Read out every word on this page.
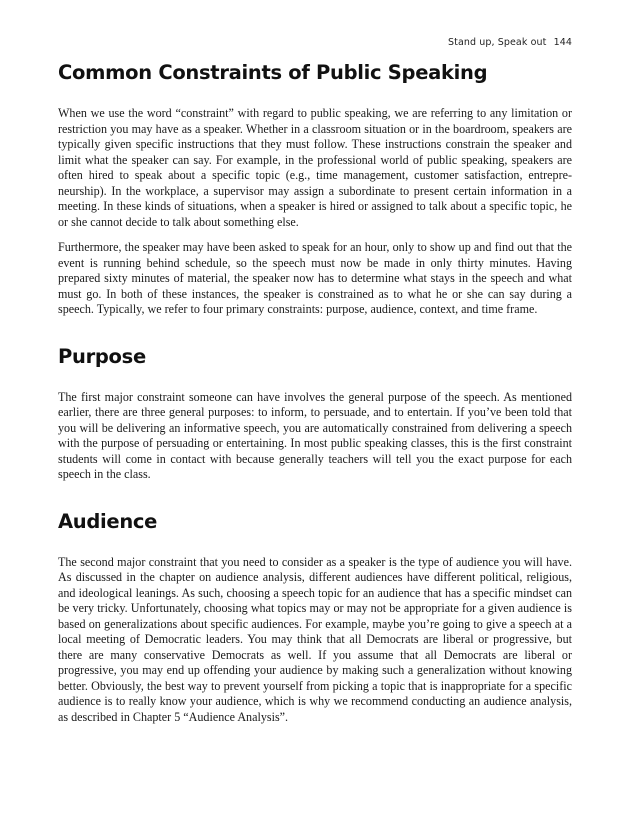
Stand up, Speak out 144
Common Constraints of Public Speaking

When we use the word “constraint” with regard to public speaking, we are referring to any limitation or restriction you may have as a speaker. Whether in a classroom situation or in the boardroom, speakers are typically given specific instructions that they must follow. These instructions constrain the speaker and limit what the speaker can say. For example, in the professional world of public speaking, speakers are often hired to speak about a specific topic (e.g., time management, customer satisfaction, entrepreneurship). In the workplace, a supervisor may assign a subordinate to present certain information in a meeting. In these kinds of situations, when a speaker is hired or assigned to talk about a specific topic, he or she cannot decide to talk about something else.

Furthermore, the speaker may have been asked to speak for an hour, only to show up and find out that the event is running behind schedule, so the speech must now be made in only thirty minutes. Having prepared sixty minutes of material, the speaker now has to determine what stays in the speech and what must go. In both of these instances, the speaker is constrained as to what he or she can say during a speech. Typically, we refer to four primary constraints: purpose, audience, context, and time frame.

Purpose

The first major constraint someone can have involves the general purpose of the speech. As mentioned earlier, there are three general purposes: to inform, to persuade, and to entertain. If you’ve been told that you will be delivering an informative speech, you are automatically constrained from delivering a speech with the purpose of persuading or entertaining. In most public speaking classes, this is the first constraint students will come in contact with because generally teachers will tell you the exact purpose for each speech in the class.

Audience

The second major constraint that you need to consider as a speaker is the type of audience you will have. As discussed in the chapter on audience analysis, different audiences have different political, religious, and ideological leanings. As such, choosing a speech topic for an audience that has a specific mindset can be very tricky. Unfortunately, choosing what topics may or may not be appropriate for a given audience is based on generalizations about specific audiences. For example, maybe you’re going to give a speech at a local meeting of Democratic leaders. You may think that all Democrats are liberal or progressive, but there are many conservative Democrats as well. If you assume that all Democrats are liberal or progressive, you may end up offending your audience by making such a generalization without knowing better. Obviously, the best way to prevent yourself from picking a topic that is inappropriate for a specific audience is to really know your audience, which is why we recommend conducting an audience analysis, as described in Chapter 5 “Audience Analysis”.
